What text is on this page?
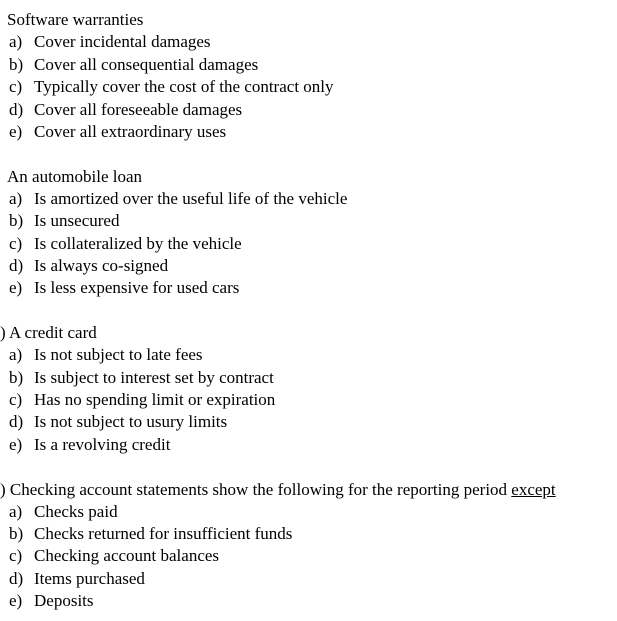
Software warranties
a) Cover incidental damages
b) Cover all consequential damages
c) Typically cover the cost of the contract only
d) Cover all foreseeable damages
e) Cover all extraordinary uses
An automobile loan
a) Is amortized over the useful life of the vehicle
b) Is unsecured
c) Is collateralized by the vehicle
d) Is always co-signed
e) Is less expensive for used cars
) A credit card
a) Is not subject to late fees
b) Is subject to interest set by contract
c) Has no spending limit or expiration
d) Is not subject to usury limits
e) Is a revolving credit
) Checking account statements show the following for the reporting period except
a) Checks paid
b) Checks returned for insufficient funds
c) Checking account balances
d) Items purchased
e) Deposits
